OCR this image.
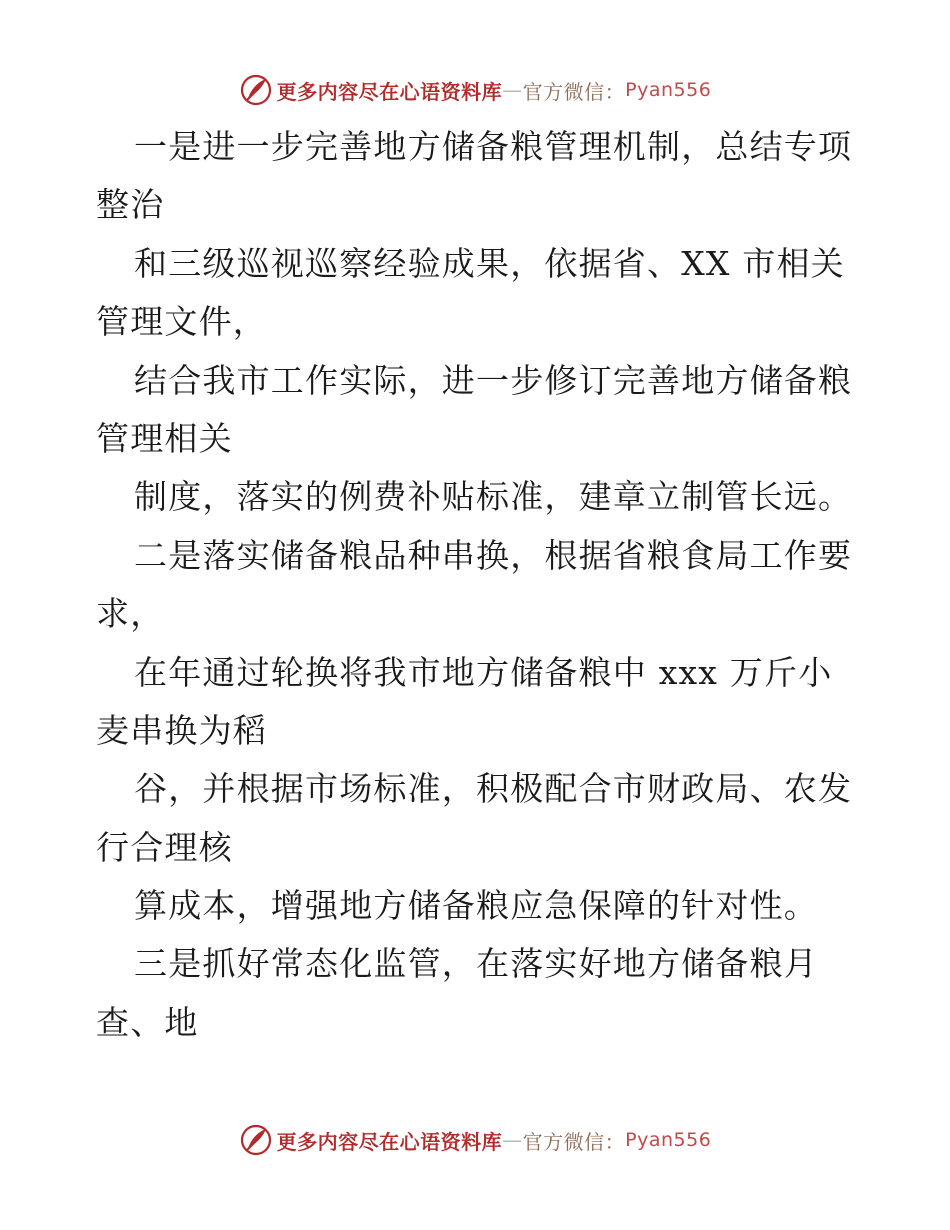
更多内容尽在心语资料库 — 官方微信： Pyan556
一是进一步完善地方储备粮管理机制，总结专项
整治
和三级巡视巡察经验成果，依据省、XX 市相关
管理文件，
结合我市工作实际，进一步修订完善地方储备粮
管理相关
制度，落实的例费补贴标准，建章立制管长远。
二是落实储备粮品种串换，根据省粮食局工作要
求，
在年通过轮换将我市地方储备粮中 xxx 万斤小
麦串换为稻
谷，并根据市场标准，积极配合市财政局、农发
行合理核
算成本，增强地方储备粮应急保障的针对性。
三是抓好常态化监管，在落实好地方储备粮月
查、地
更多内容尽在心语资料库 — 官方微信： Pyan556
